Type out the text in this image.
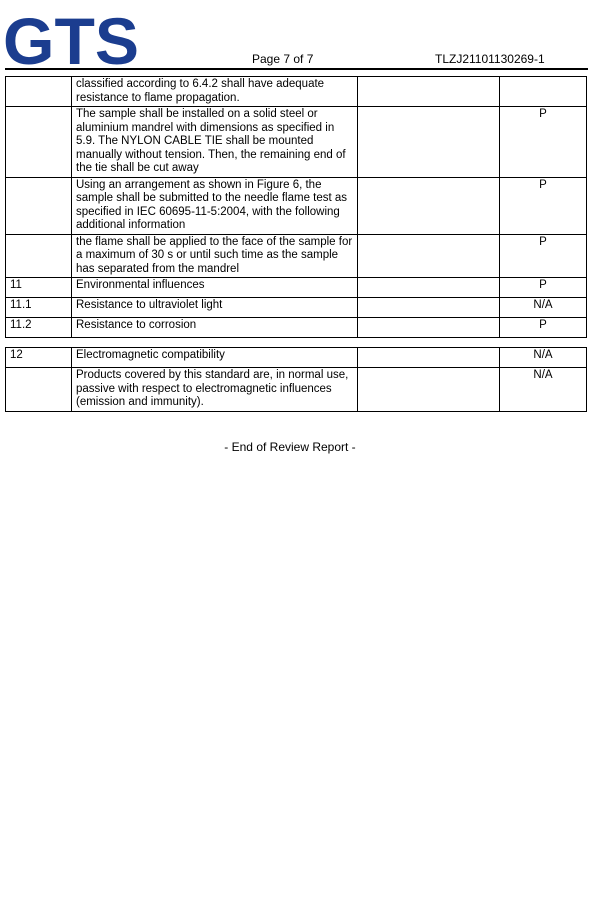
GTS	Page 7 of 7	TLZJ21101130269-1
	classified according to 6.4.2 shall have adequate resistance to flame propagation.		
	The sample shall be installed on a solid steel or aluminium mandrel with dimensions as specified in 5.9. The NYLON CABLE TIE shall be mounted manually without tension. Then, the remaining end of the tie shall be cut away		P
	Using an arrangement as shown in Figure 6, the sample shall be submitted to the needle flame test as specified in IEC 60695-11-5:2004, with the following additional information		P
	the flame shall be applied to the face of the sample for a maximum of 30 s or until such time as the sample has separated from the mandrel		P
11	Environmental influences		P
11.1	Resistance to ultraviolet light		N/A
11.2	Resistance to corrosion		P
12	Electromagnetic compatibility		N/A
	Products covered by this standard are, in normal use, passive with respect to electromagnetic influences (emission and immunity).		N/A
- End of Review Report -
